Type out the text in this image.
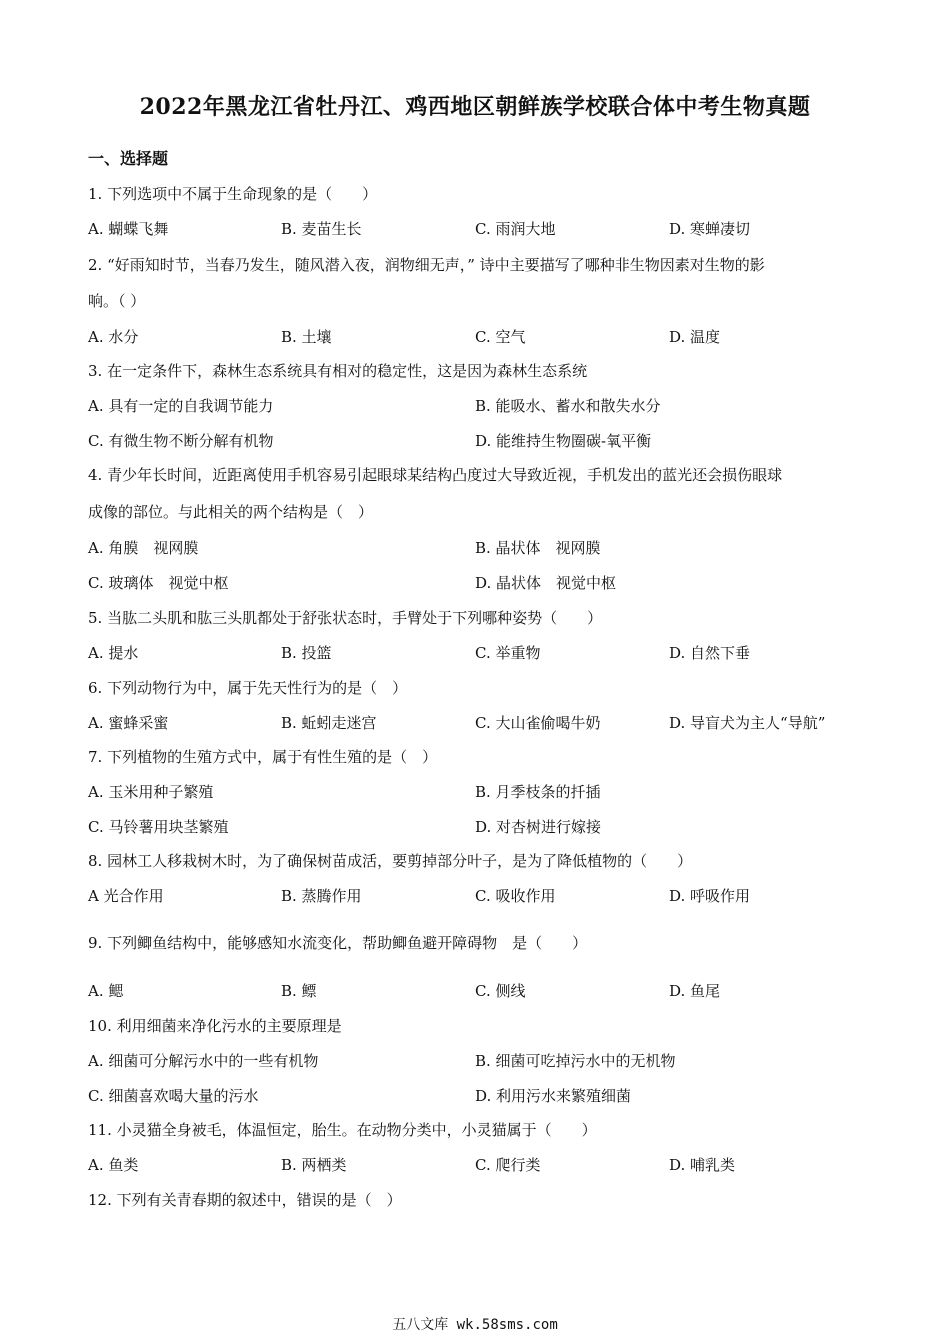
2022年黑龙江省牡丹江、鸡西地区朝鲜族学校联合体中考生物真题
一、选择题
1. 下列选项中不属于生命现象的是（　　）
A. 蝴蝶飞舞	B. 麦苗生长	C. 雨润大地	D. 寒蝉凄切
2. “好雨知时节，当春乃发生，随风潜入夜，润物细无声，” 诗中主要描写了哪种非生物因素对生物的影
响。（ ）
A. 水分	B. 土壤	C. 空气	D. 温度
3. 在一定条件下，森林生态系统具有相对的稳定性，这是因为森林生态系统
A. 具有一定的自我调节能力	B. 能吸水、蓄水和散失水分
C. 有微生物不断分解有机物	D. 能维持生物圈碳-氧平衡
4. 青少年长时间，近距离使用手机容易引起眼球某结构凸度过大导致近视，手机发出的蓝光还会损伤眼球
成像的部位。与此相关的两个结构是（　）
A. 角膜　视网膜	B. 晶状体　视网膜
C. 玻璃体　视觉中枢	D. 晶状体　视觉中枢
5. 当肱二头肌和肱三头肌都处于舒张状态时，手臂处于下列哪种姿势（　　）
A. 提水	B. 投篮	C. 举重物	D. 自然下垂
6. 下列动物行为中，属于先天性行为的是（　）
A. 蜜蜂采蜜	B. 蚯蚓走迷宫	C. 大山雀偷喝牛奶	D. 导盲犬为主人“导航”
7. 下列植物的生殖方式中，属于有性生殖的是（　）
A. 玉米用种子繁殖	B. 月季枝条的扦插
C. 马铃薯用块茎繁殖	D. 对杏树进行嫁接
8. 园林工人移栽树木时，为了确保树苗成活，要剪掉部分叶子，是为了降低植物的（　　）
A 光合作用	B. 蒸腾作用	C. 吸收作用	D. 呼吸作用
9. 下列鲫鱼结构中，能够感知水流变化，帮助鲫鱼避开障碍物　是（　　）
A. 鳃	B. 鳔	C. 侧线	D. 鱼尾
10. 利用细菌来净化污水的主要原理是
A. 细菌可分解污水中的一些有机物	B. 细菌可吃掉污水中的无机物
C. 细菌喜欢喝大量的污水	D. 利用污水来繁殖细菌
11. 小灵猫全身被毛，体温恒定，胎生。在动物分类中，小灵猫属于（　　）
A. 鱼类	B. 两栖类	C. 爬行类	D. 哺乳类
12. 下列有关青春期的叙述中，错误的是（　）
五八文库 wk.58sms.com
